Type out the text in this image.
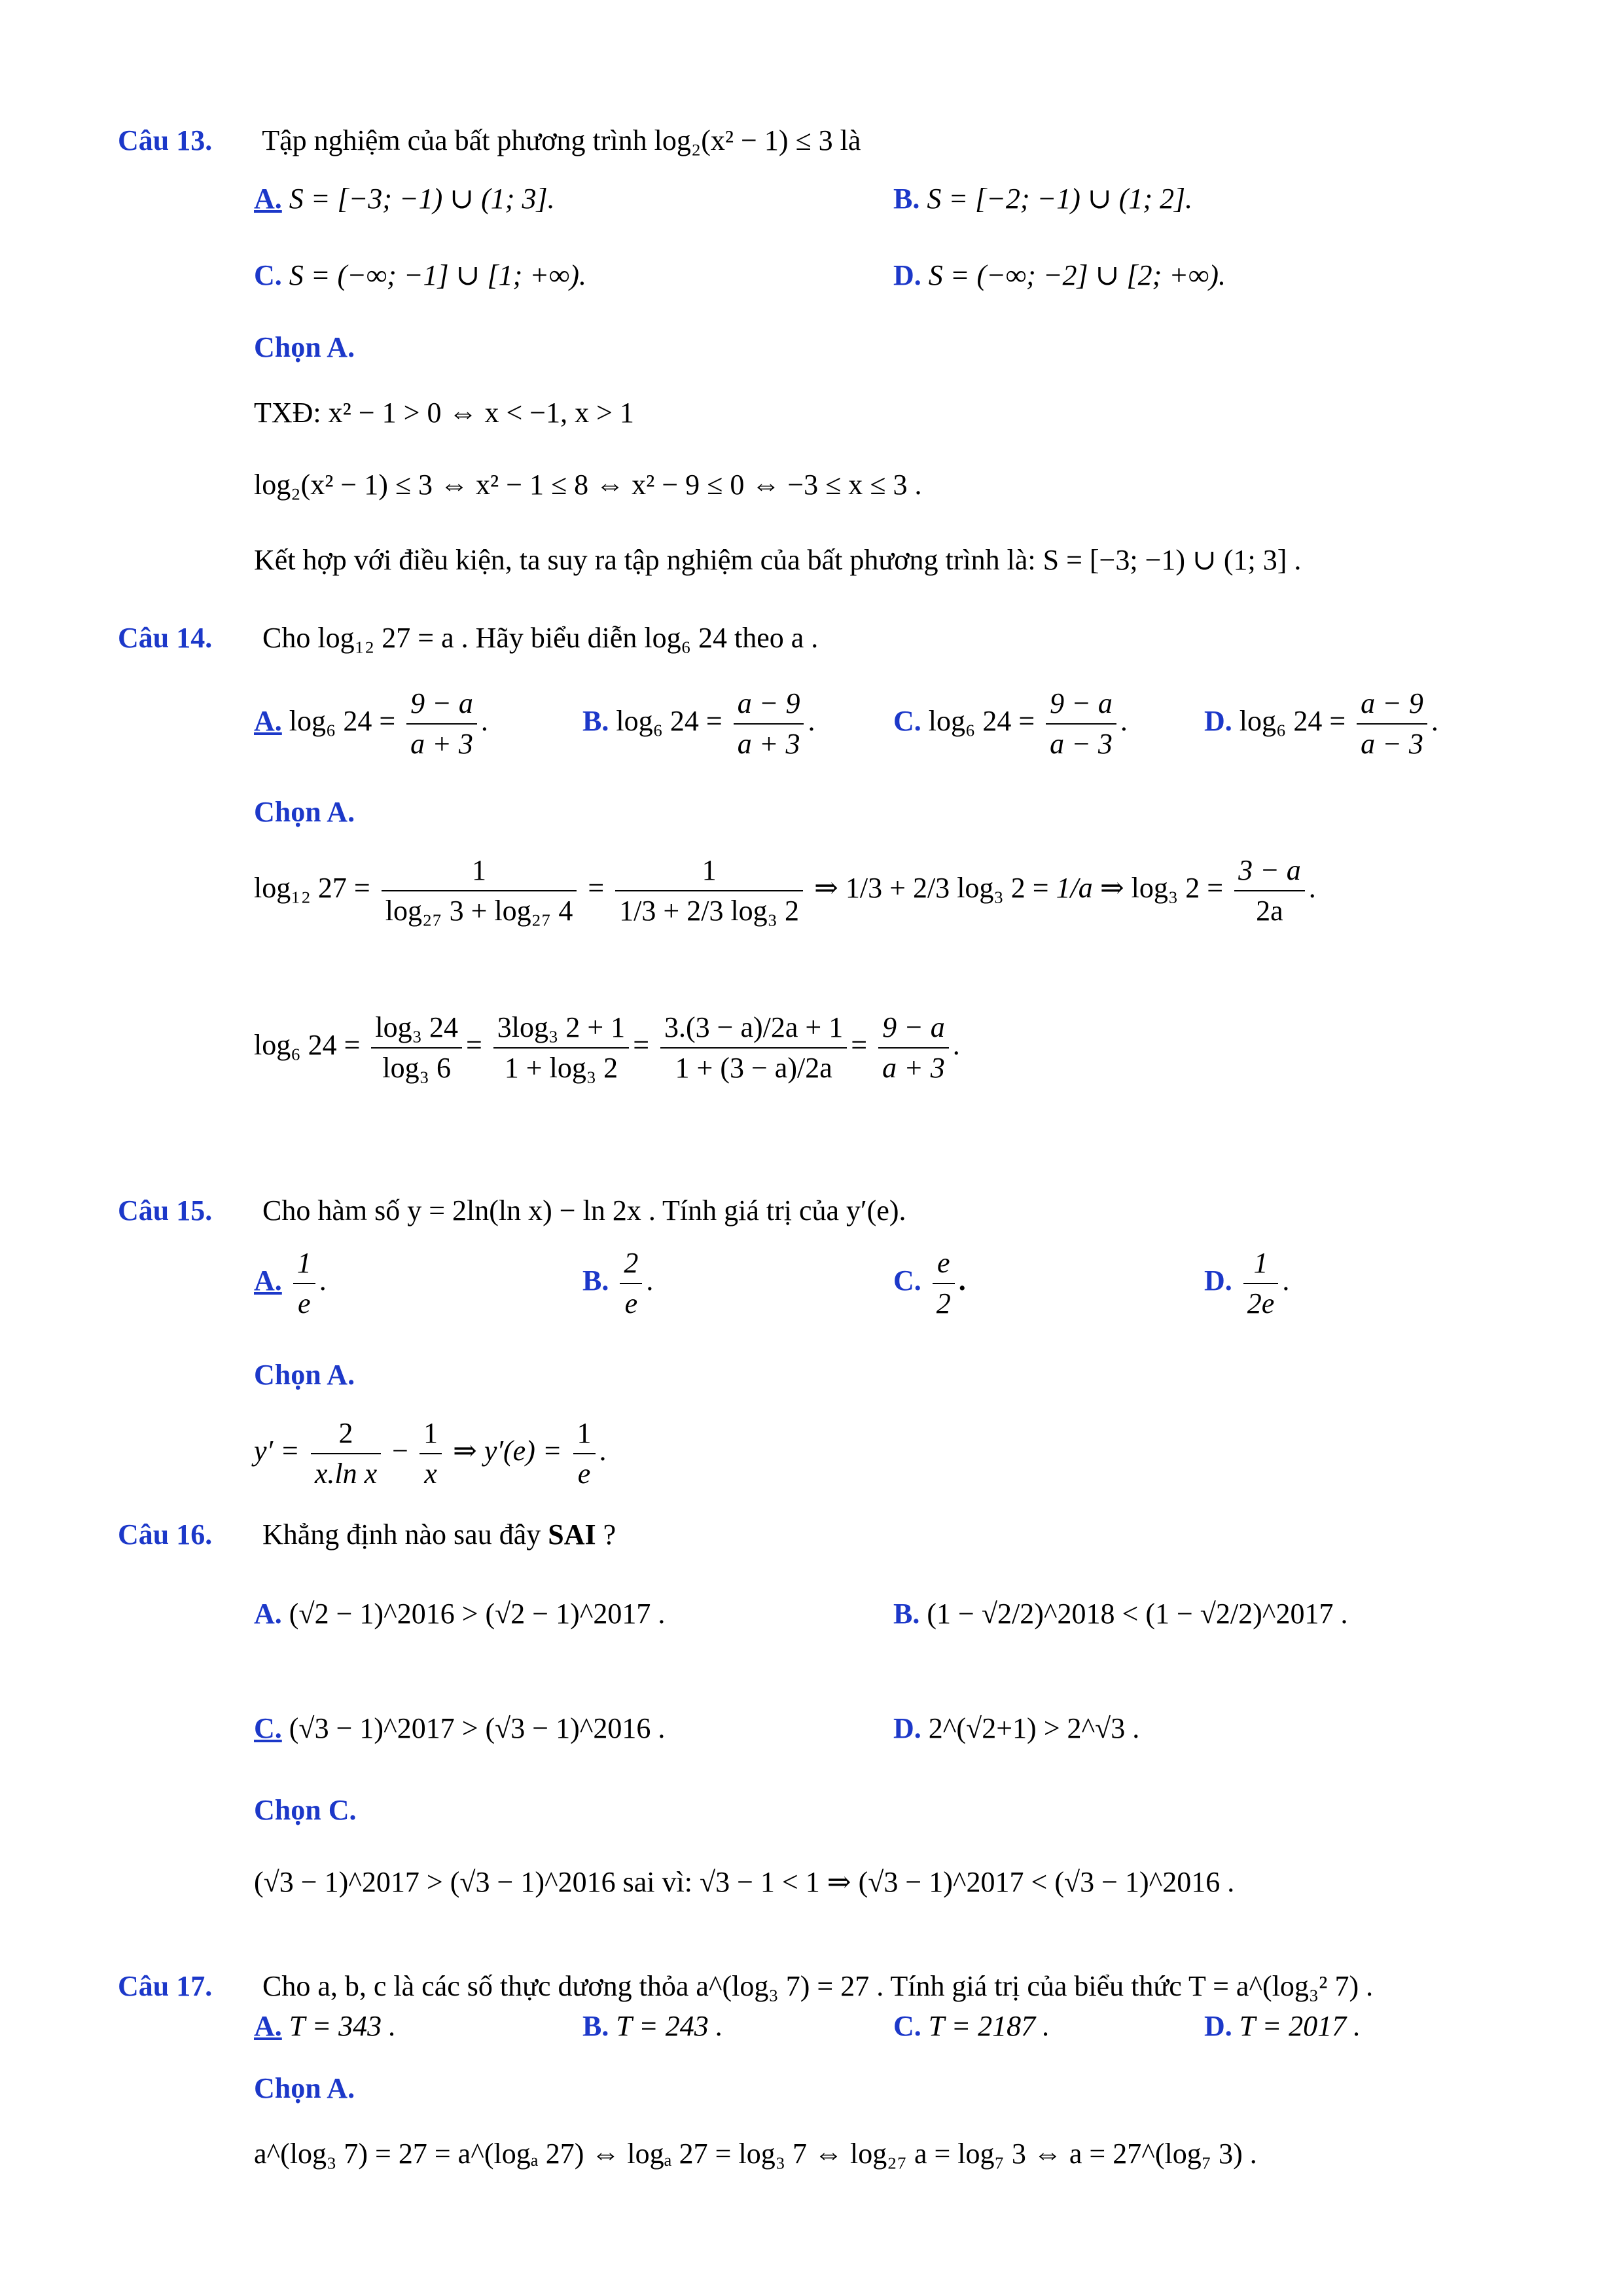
Câu 13. Tập nghiệm của bất phương trình log₂(x² − 1) ≤ 3 là
A. S = [−3; −1) ∪ (1; 3].	B. S = [−2; −1) ∪ (1; 2].
C. S = (−∞; −1] ∪ [1; +∞).	D. S = (−∞; −2] ∪ [2; +∞).
Chọn A.
TXĐ: x² − 1 > 0 ⇔ x < −1, x > 1
log₂(x² − 1) ≤ 3 ⇔ x² − 1 ≤ 8 ⇔ x² − 9 ≤ 0 ⇔ −3 ≤ x ≤ 3 .
Kết hợp với điều kiện, ta suy ra tập nghiệm của bất phương trình là: S = [−3; −1) ∪ (1; 3] .
Câu 14. Cho log₁₂ 27 = a . Hãy biểu diễn log₆ 24 theo a .
A. log₆ $24 = \frac{9 - a}{a + 3}$ .	B. log₆ $24 = \frac{a - 9}{a + 3}$ .	C. log₆ $24 = \frac{9 - a}{a - 3}$ .	D. log₆ $24 = \frac{a - 9}{a - 3}$ .
Chọn A.
log₁₂ $27 = \frac{1}{\text{log₂₇ 3 + log₂₇ 4}} = \frac{1}{\text{1/3 + 2/3 log₃ 2}}$ ⇒ 1/3 + 2/3 log₃ 2 = 1/a ⇒ log₃ $2 = \frac{3 - a}{2a}$ .
log₆ $24 = \frac{\text{log₃ 24}}{\text{log₃ 6}} = \frac{\text{3log₃ 2 + 1}}{\text{1 + log₃ 2}} = \frac{3.(3 - a)/2a + 1}{1 + (3 - a)/2a} = \frac{9 - a}{a + 3}$ .
Câu 15. Cho hàm số y = 2ln(ln x) − ln 2x . Tính giá trị của y′(e).
A. $\frac{1}{e}$ .	B. $\frac{2}{e}$ .	C. $\frac{e}{2}$ .	D. $\frac{1}{2e}$ .
Chọn A.
$y' = \frac{2}{\text{x.ln x}} - \frac{1}{x}$ ⇒ $y'(e) = \frac{1}{e}$ .
Câu 16. Khẳng định nào sau đây SAI ?
A. (√2 − 1)^2016 > (√2 − 1)^2017 .	B. (1 − √2/2)^2018 < (1 − √2/2)^2017 .
C. (√3 − 1)^2017 > (√3 − 1)^2016 .	D. 2^(√2+1) > 2^√3 .
Chọn C.
(√3 − 1)^2017 > (√3 − 1)^2016 sai vì: √3 − 1 < 1 ⇒ (√3 − 1)^2017 < (√3 − 1)^2016 .
Câu 17. Cho a, b, c là các số thực dương thỏa a^(log₃ 7) = 27 . Tính giá trị của biểu thức T = a^(log₃² 7) .
A. T = 343 .	B. T = 243 .	C. T = 2187 .	D. T = 2017 .
Chọn A.
a^(log₃ 7) = 27 = a^(logₐ 27) ⇔ logₐ 27 = log₃ 7 ⇔ log₂₇ a = log₇ 3 ⇔ a = 27^(log₇ 3) .
